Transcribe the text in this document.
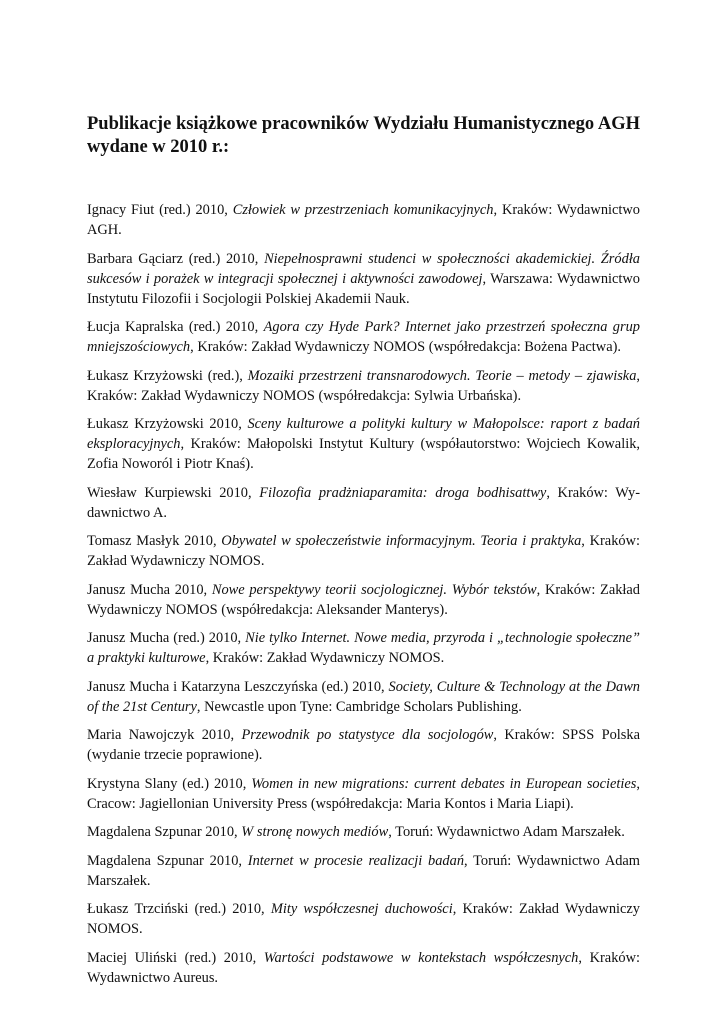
Publikacje książkowe pracowników Wydziału Humanistycznego AGH wydane w 2010 r.:
Ignacy Fiut (red.) 2010, Człowiek w przestrzeniach komunikacyjnych, Kraków: Wydawnictwo AGH.
Barbara Gąciarz (red.) 2010, Niepełnosprawni studenci w społeczności akademickiej. Źródła sukcesów i porażek w integracji społecznej i aktywności zawodowej, Warszawa: Wydawnictwo Instytutu Filozofii i Socjologii Polskiej Akademii Nauk.
Łucja Kapralska (red.) 2010, Agora czy Hyde Park? Internet jako przestrzeń społeczna grup mniejszościowych, Kraków: Zakład Wydawniczy NOMOS (współredakcja: Bożena Pactwa).
Łukasz Krzyżowski (red.), Mozaiki przestrzeni transnarodowych. Teorie – metody – zjawiska, Kraków: Zakład Wydawniczy NOMOS (współredakcja: Sylwia Urbańska).
Łukasz Krzyżowski 2010, Sceny kulturowe a polityki kultury w Małopolsce: raport z badań eksploracyjnych, Kraków: Małopolski Instytut Kultury (współautorstwo: Wojciech Kowalik, Zofia Noworól i Piotr Knaś).
Wiesław Kurpiewski 2010, Filozofia pradżniaparamita: droga bodhisattwy, Kraków: Wydawnictwo A.
Tomasz Masłyk 2010, Obywatel w społeczeństwie informacyjnym. Teoria i praktyka, Kraków: Zakład Wydawniczy NOMOS.
Janusz Mucha 2010, Nowe perspektywy teorii socjologicznej. Wybór tekstów, Kraków: Zakład Wydawniczy NOMOS (współredakcja: Aleksander Manterys).
Janusz Mucha (red.) 2010, Nie tylko Internet. Nowe media, przyroda i „technologie społeczne” a praktyki kulturowe, Kraków: Zakład Wydawniczy NOMOS.
Janusz Mucha i Katarzyna Leszczyńska (ed.) 2010, Society, Culture & Technology at the Dawn of the 21st Century, Newcastle upon Tyne: Cambridge Scholars Publishing.
Maria Nawojczyk 2010, Przewodnik po statystyce dla socjologów, Kraków: SPSS Polska (wydanie trzecie poprawione).
Krystyna Slany (ed.) 2010, Women in new migrations: current debates in European societies, Cracow: Jagiellonian University Press (współredakcja: Maria Kontos i Maria Liapi).
Magdalena Szpunar 2010, W stronę nowych mediów, Toruń: Wydawnictwo Adam Marszałek.
Magdalena Szpunar 2010, Internet w procesie realizacji badań, Toruń: Wydawnictwo Adam Marszałek.
Łukasz Trzciński (red.) 2010, Mity współczesnej duchowości, Kraków: Zakład Wydawniczy NOMOS.
Maciej Uliński (red.) 2010, Wartości podstawowe w kontekstach współczesnych, Kraków: Wydawnictwo Aureus.
